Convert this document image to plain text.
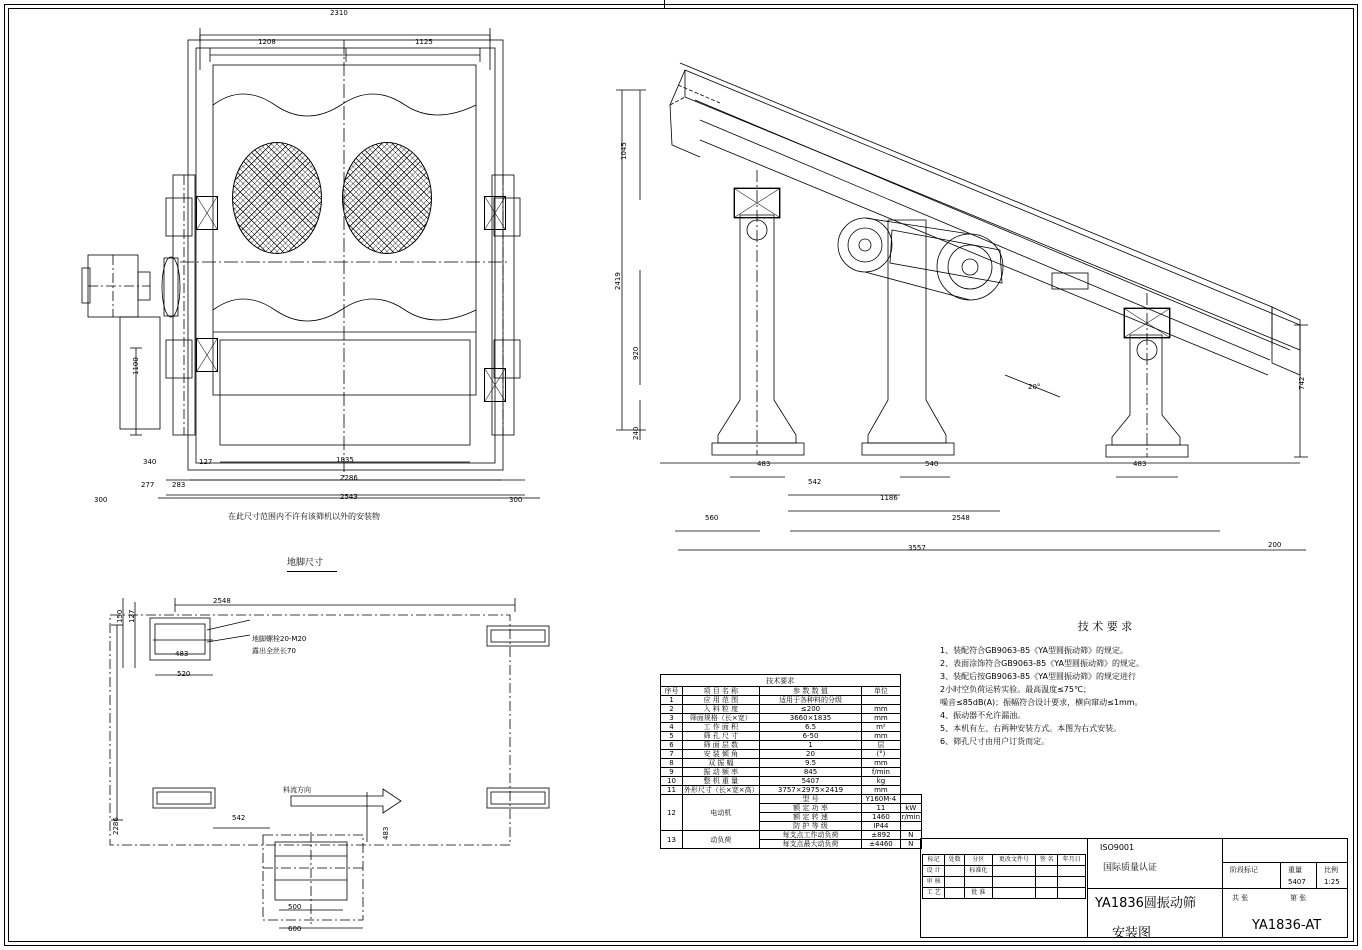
2310
1208	1125
1100
1835
2286
2543
300
277	283
340	127
300
在此尺寸范围内不许有该筛机以外的安装物
1045
2419
920
240
742
483
542
540
1186
483
560	2548
3557	200
20°
地脚尺寸
2548
2286	542
483
483
520
500
600
150 127
地脚螺栓20-M20
露出全丝长70
料流方向
技术要求				
序号	项 目 名 称	参 数 数 值	单位	
1	应 用 范 围	适用于各种料的分级		
2	入 料 粒 度	≤200	mm	
3	筛面规格（长×宽）	3660×1835	mm	
4	工 作 面 积	6.5	m²	
5	筛 孔 尺 寸	6-50	mm	
6	筛 面 层 数	1	层	
7	安 装 倾 角	20	(°)	
8	双 振 幅	9.5	mm	
9	振 动 频 率	845	f/min	
10	整 机 重 量	5407	kg	
11	外形尺寸（长×宽×高）	3757×2975×2419	mm	
12	电动机	型 号	Y160M-4	
		额 定 功 率	11	kW
		额 定 转 速	1460	r/min
		防 护 等 级	IP44	
13	动负荷	每支点工作动负荷	±892	N
		每支点最大动负荷	±4460	N
技 术 要 求
1、装配符合GB9063-85《YA型圆振动筛》的规定。
2、表面涂饰符合GB9063-85《YA型圆振动筛》的规定。
3、装配后按GB9063-85《YA型圆振动筛》的规定进行
2小时空负荷运转实验。最高温度≤75℃；
噪音≤85dB(A)；振幅符合设计要求，横向窜动≤1mm。
4、振动器不允许漏油。
5、本机有左、右两种安装方式。本图为右式安装。
6、筛孔尺寸由用户订货而定。
ISO9001
国际质量认证
YA1836圆振动筛
安装图
YA1836-AT
阶段标记	重量	比例
5407	1:25
共 张	第 张

标记	处数	分区	更改文件号	签 名	年月日
设 计		标准化			
审 核					
工 艺		批 准			
